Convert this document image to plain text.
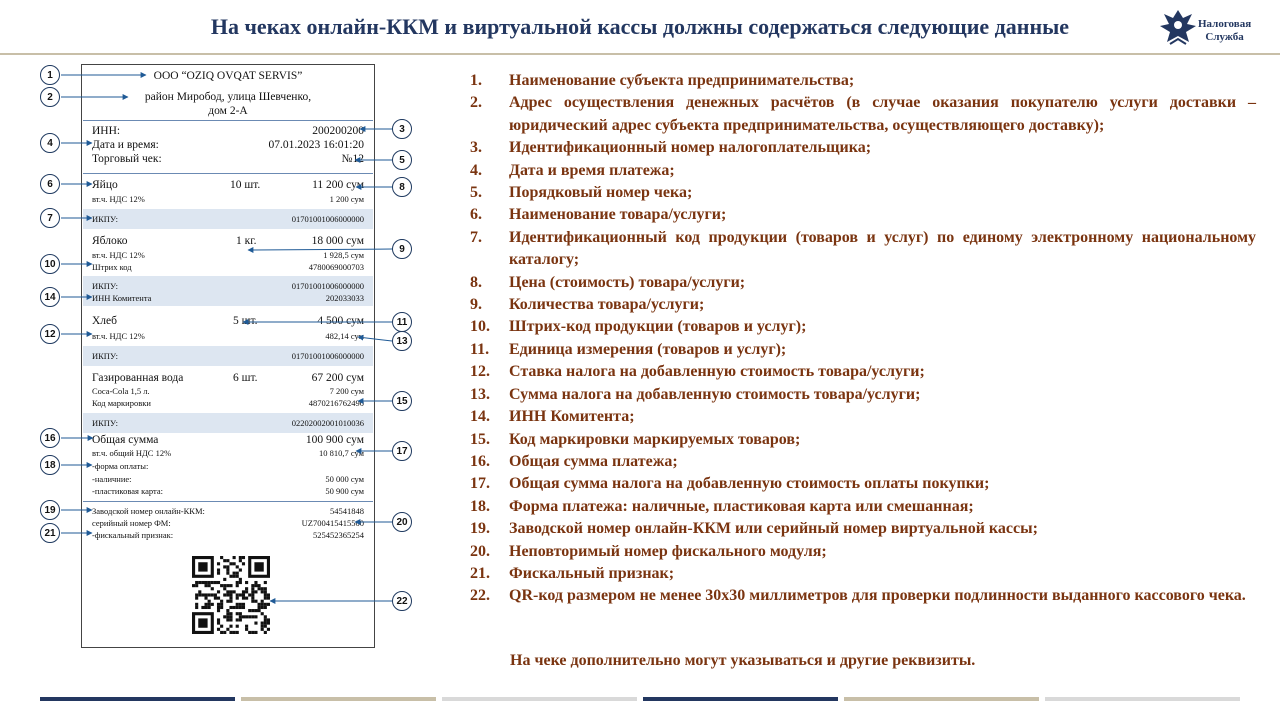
На чеках онлайн-ККМ и виртуальной кассы должны содержаться следующие данные	Налоговая
Служба
ООО “OZIQ OVQAT SERVIS”
район Миробод, улица Шевченко,
дом 2-А
ИНН:	200200200
Дата и время:	07.01.2023 16:01:20
Торговый чек:	№12
Яйцо	10 шт.	11 200 сум
вт.ч. НДС 12%	1 200 сум
ИКПУ:	01701001006000000
Яблоко	1 кг.	18 000 сум
вт.ч. НДС 12%	1 928,5 сум
Штрих код	4780069000703
ИКПУ:	01701001006000000
ИНН Комитента	202033033
Хлеб	5 шт.	4 500 сум
вт.ч. НДС 12%	482,14 сум
ИКПУ:	01701001006000000
Газированная вода	6 шт.	67 200 сум
Coca-Cola 1,5 л.	7 200 сум
Код маркировки	4870216762490
ИКПУ:	02202002001010036
Общая сумма	100 900 сум
вт.ч. общий НДС 12%	10 810,7 сум
-форма оплаты:
-наличние:	50 000 сум
-пластиковая карта:	50 900 сум
Заводской номер онлайн-ККМ:	54541848
серийный номер ФМ:	UZ700415415500
-фискальный признак:	525452365254
1
2
3
4
5
6
7
8
9
10
11
12
13
14
15
16
17
18
19
20
21
22
1.	Наименование субъекта предпринимательства;
2.	Адрес осуществления денежных расчётов (в случае оказания покупателю услуги доставки – юридический адрес субъекта предпринимательства, осуществляющего доставку);
3.	Идентификационный номер налогоплательщика;
4.	Дата и время платежа;
5.	Порядковый номер чека;
6.	Наименование товара/услуги;
7.	Идентификационный код продукции (товаров и услуг) по единому электронному национальному каталогу;
8.	Цена (стоимость) товара/услуги;
9.	Количества товара/услуги;
10.	Штрих-код продукции (товаров и услуг);
11.	Единица измерения (товаров и услуг);
12.	Ставка налога на добавленную стоимость товара/услуги;
13.	Сумма налога на добавленную стоимость товара/услуги;
14.	ИНН Комитента;
15.	Код маркировки маркируемых товаров;
16.	Общая сумма платежа;
17.	Общая сумма налога на добавленную стоимость оплаты покупки;
18.	Форма платежа: наличные, пластиковая карта или смешанная;
19.	Заводской номер онлайн-ККМ или серийный номер виртуальной кассы;
20.	Неповторимый номер фискального модуля;
21.	Фискальный признак;
22.	QR-код размером не менее 30х30 миллиметров для проверки подлинности выданного кассового чека.
На чеке дополнительно могут указываться и другие реквизиты.
